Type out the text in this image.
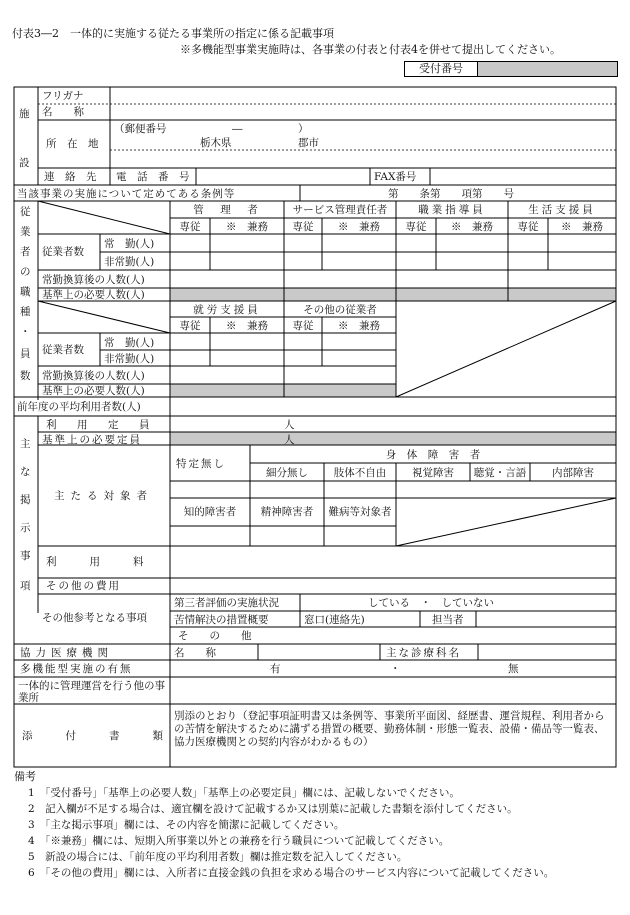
付表3―2　一体的に実施する従たる事業所の指定に係る記載事項
※多機能型事業実施時は、各事業の付表と付表4を併せて提出してください。
受付番号
施
設
フリガナ
名　　称
所　在　地
（郵便番号	―	）
栃木県	郡市
連　絡　先 電　話　番　号	FAX番号
当該事業の実施について定めてある条例等	第　　条第　　項第　　号
従
業
者
の
職
種
・
員
数
管　理　者	サービス管理責任者	職業指導員	生活支援員
専従	※　兼務	専従	※　兼務	専従	※　兼務	専従	※　兼務
従業者数
常　勤(人)
非常勤(人)
常勤換算後の人数(人)
基準上の必要人数(人)
就労支援員	その他の従業者
専従	※　兼務	専従	※　兼務
従業者数
常　勤(人)
非常勤(人)
常勤換算後の人数(人)
基準上の必要人数(人)
前年度の平均利用者数(人)
主
な
掲
示
事
項
利　用　定　員	人
基準上の必要定員	人
主たる対象者
特定無し
身　体　障　害　者
細分無し	肢体不自由	視覚障害	聴覚・言語	内部障害
知的障害者	精神障害者	難病等対象者
利　　用　　料
その他の費用
その他参考となる事項
第三者評価の実施状況	している　・　していない
苦情解決の措置概要	窓口(連絡先)	担当者
そ　　の　　他
協力医療機関	名　　称	主な診療科名
多機能型実施の有無	有	・	無
一体的に管理運営を行う他の事業所
添　　付　　書　　類
別添のとおり（登記事項証明書又は条例等、事業所平面図、経歴書、運営規程、利用者からの苦情を解決するために講ずる措置の概要、勤務体制・形態一覧表、設備・備品等一覧表、協力医療機関との契約内容がわかるもの）
備考
1　「受付番号」「基準上の必要人数」「基準上の必要定員」欄には、記載しないでください。
2　記入欄が不足する場合は、適宜欄を設けて記載するか又は別葉に記載した書類を添付してください。
3　「主な掲示事項」欄には、その内容を簡潔に記載してください。
4　「※兼務」欄には、短期入所事業以外との兼務を行う職員について記載してください。
5　新設の場合には、「前年度の平均利用者数」欄は推定数を記入してください。
6　「その他の費用」欄には、入所者に直接金銭の負担を求める場合のサービス内容について記載してください。
